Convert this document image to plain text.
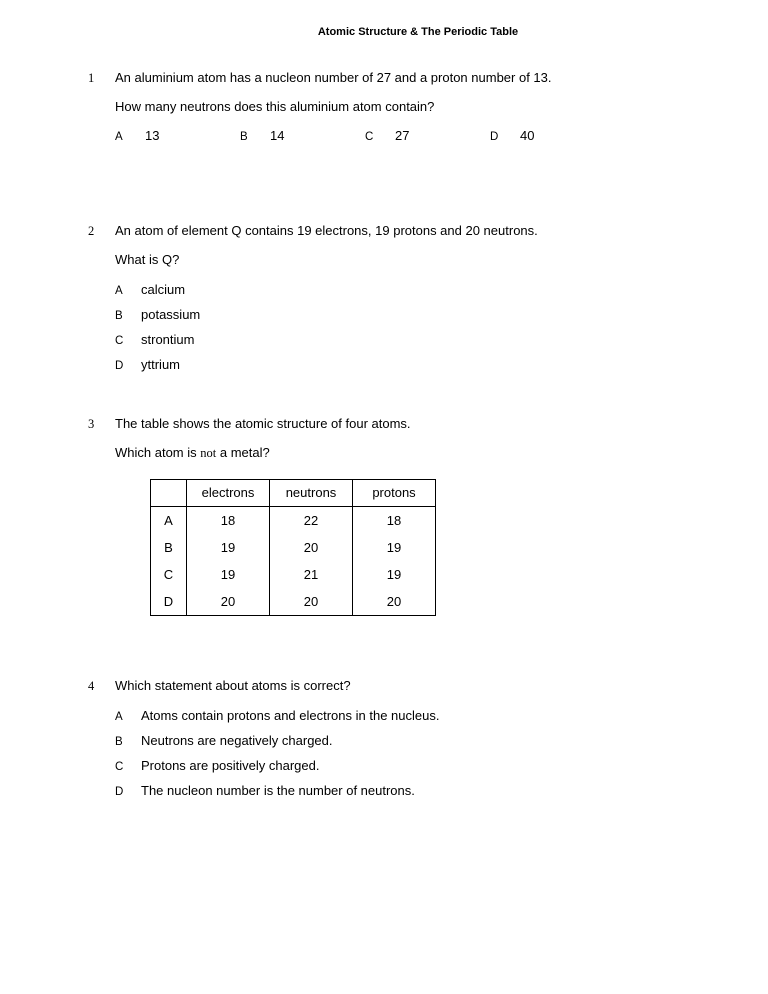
Atomic Structure & The Periodic Table
1	An aluminium atom has a nucleon number of 27 and a proton number of 13.

How many neutrons does this aluminium atom contain?

A 13	B 14	C 27	D 40
2	An atom of element Q contains 19 electrons, 19 protons and 20 neutrons.

What is Q?

A calcium
B potassium
C strontium
D yttrium
3	The table shows the atomic structure of four atoms.

Which atom is not a metal?

	electrons	neutrons	protons
A	18	22	18
B	19	20	19
C	19	21	19
D	20	20	20
4	Which statement about atoms is correct?

A Atoms contain protons and electrons in the nucleus.
B Neutrons are negatively charged.
C Protons are positively charged.
D The nucleon number is the number of neutrons.
